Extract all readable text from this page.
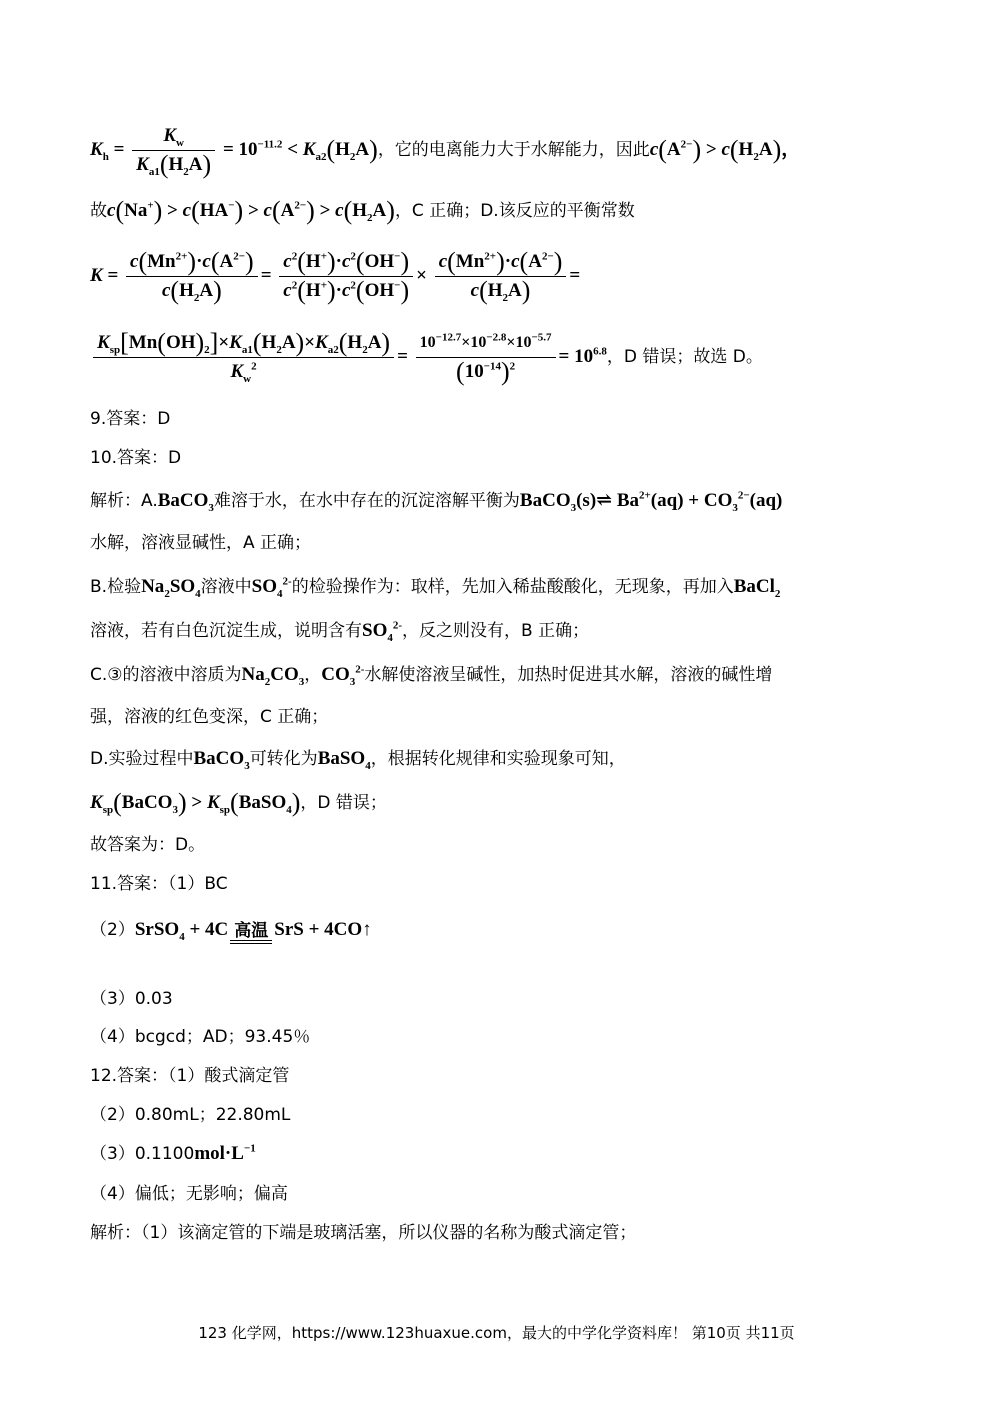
$K_h = \frac{K_w}{K_{a1}(H_2A)} = 10^{-11.2} < K_{a2}(H_2A)$，它的电离能力大于水解能力，因此$c(A^{2-}) > c(H_2A)$，
故$c(Na^+) > c(HA^-) > c(A^{2-}) > c(H_2A)$，C 正确；D.该反应的平衡常数
$K = \frac{c(Mn^{2+})\cdot c(A^{2-})}{c(H_2A)} = \frac{c^2(H^+)\cdot c^2(OH^-)}{c^2(H^+)\cdot c^2(OH^-)} \times \frac{c(Mn^{2+})\cdot c(A^{2-})}{c(H_2A)}$ =
$\frac{K_{sp}[Mn(OH)_2]\times K_{a1}(H_2A)\times K_{a2}(H_2A)}{K_w^2} = \frac{10^{-12.7}\times 10^{-2.8}\times 10^{-5.7}}{(10^{-14})^2} = 10^{6.8}$，D 错误；故选 D。
9.答案：D
10.答案：D
解析：A.BaCO$_3$难溶于水，在水中存在的沉淀溶解平衡为BaCO$_3$(s)⇌ $Ba^{2+}(aq) + CO_3^{2-}(aq)$
水解，溶液显碱性，A 正确；
B.检验$Na_2SO_4$溶液中$SO_4^{2-}$的检验操作为：取样，先加入稀盐酸酸化，无现象，再加入BaCl$_2$
溶液，若有白色沉淀生成，说明含有$SO_4^{2-}$，反之则没有，B 正确；
C.③的溶液中溶质为$Na_2CO_3$，$CO_3^{2-}$水解使溶液呈碱性，加热时促进其水解，溶液的碱性增
强，溶液的红色变深，C 正确；
D.实验过程中BaCO$_3$可转化为BaSO$_4$，根据转化规律和实验现象可知，
$K_{sp}(BaCO_3)$ > $K_{sp}(BaSO_4)$，D 错误；
故答案为：D。
11.答案：（1）BC
（2）SrSO$_4$ + 4C 高温 SrS + 4CO↑
（3）0.03
（4）bcgcd；AD；93.45％
12.答案：（1）酸式滴定管
（2）0.80mL；22.80mL
$(3)0.1100mol\cdot L^{-1}$
（4）偏低；无影响；偏高
解析：（1）该滴定管的下端是玻璃活塞，所以仪器的名称为酸式滴定管；
123 化学网，https://www.123huaxue.com，最大的中学化学资料库！ 第10页 共11页
